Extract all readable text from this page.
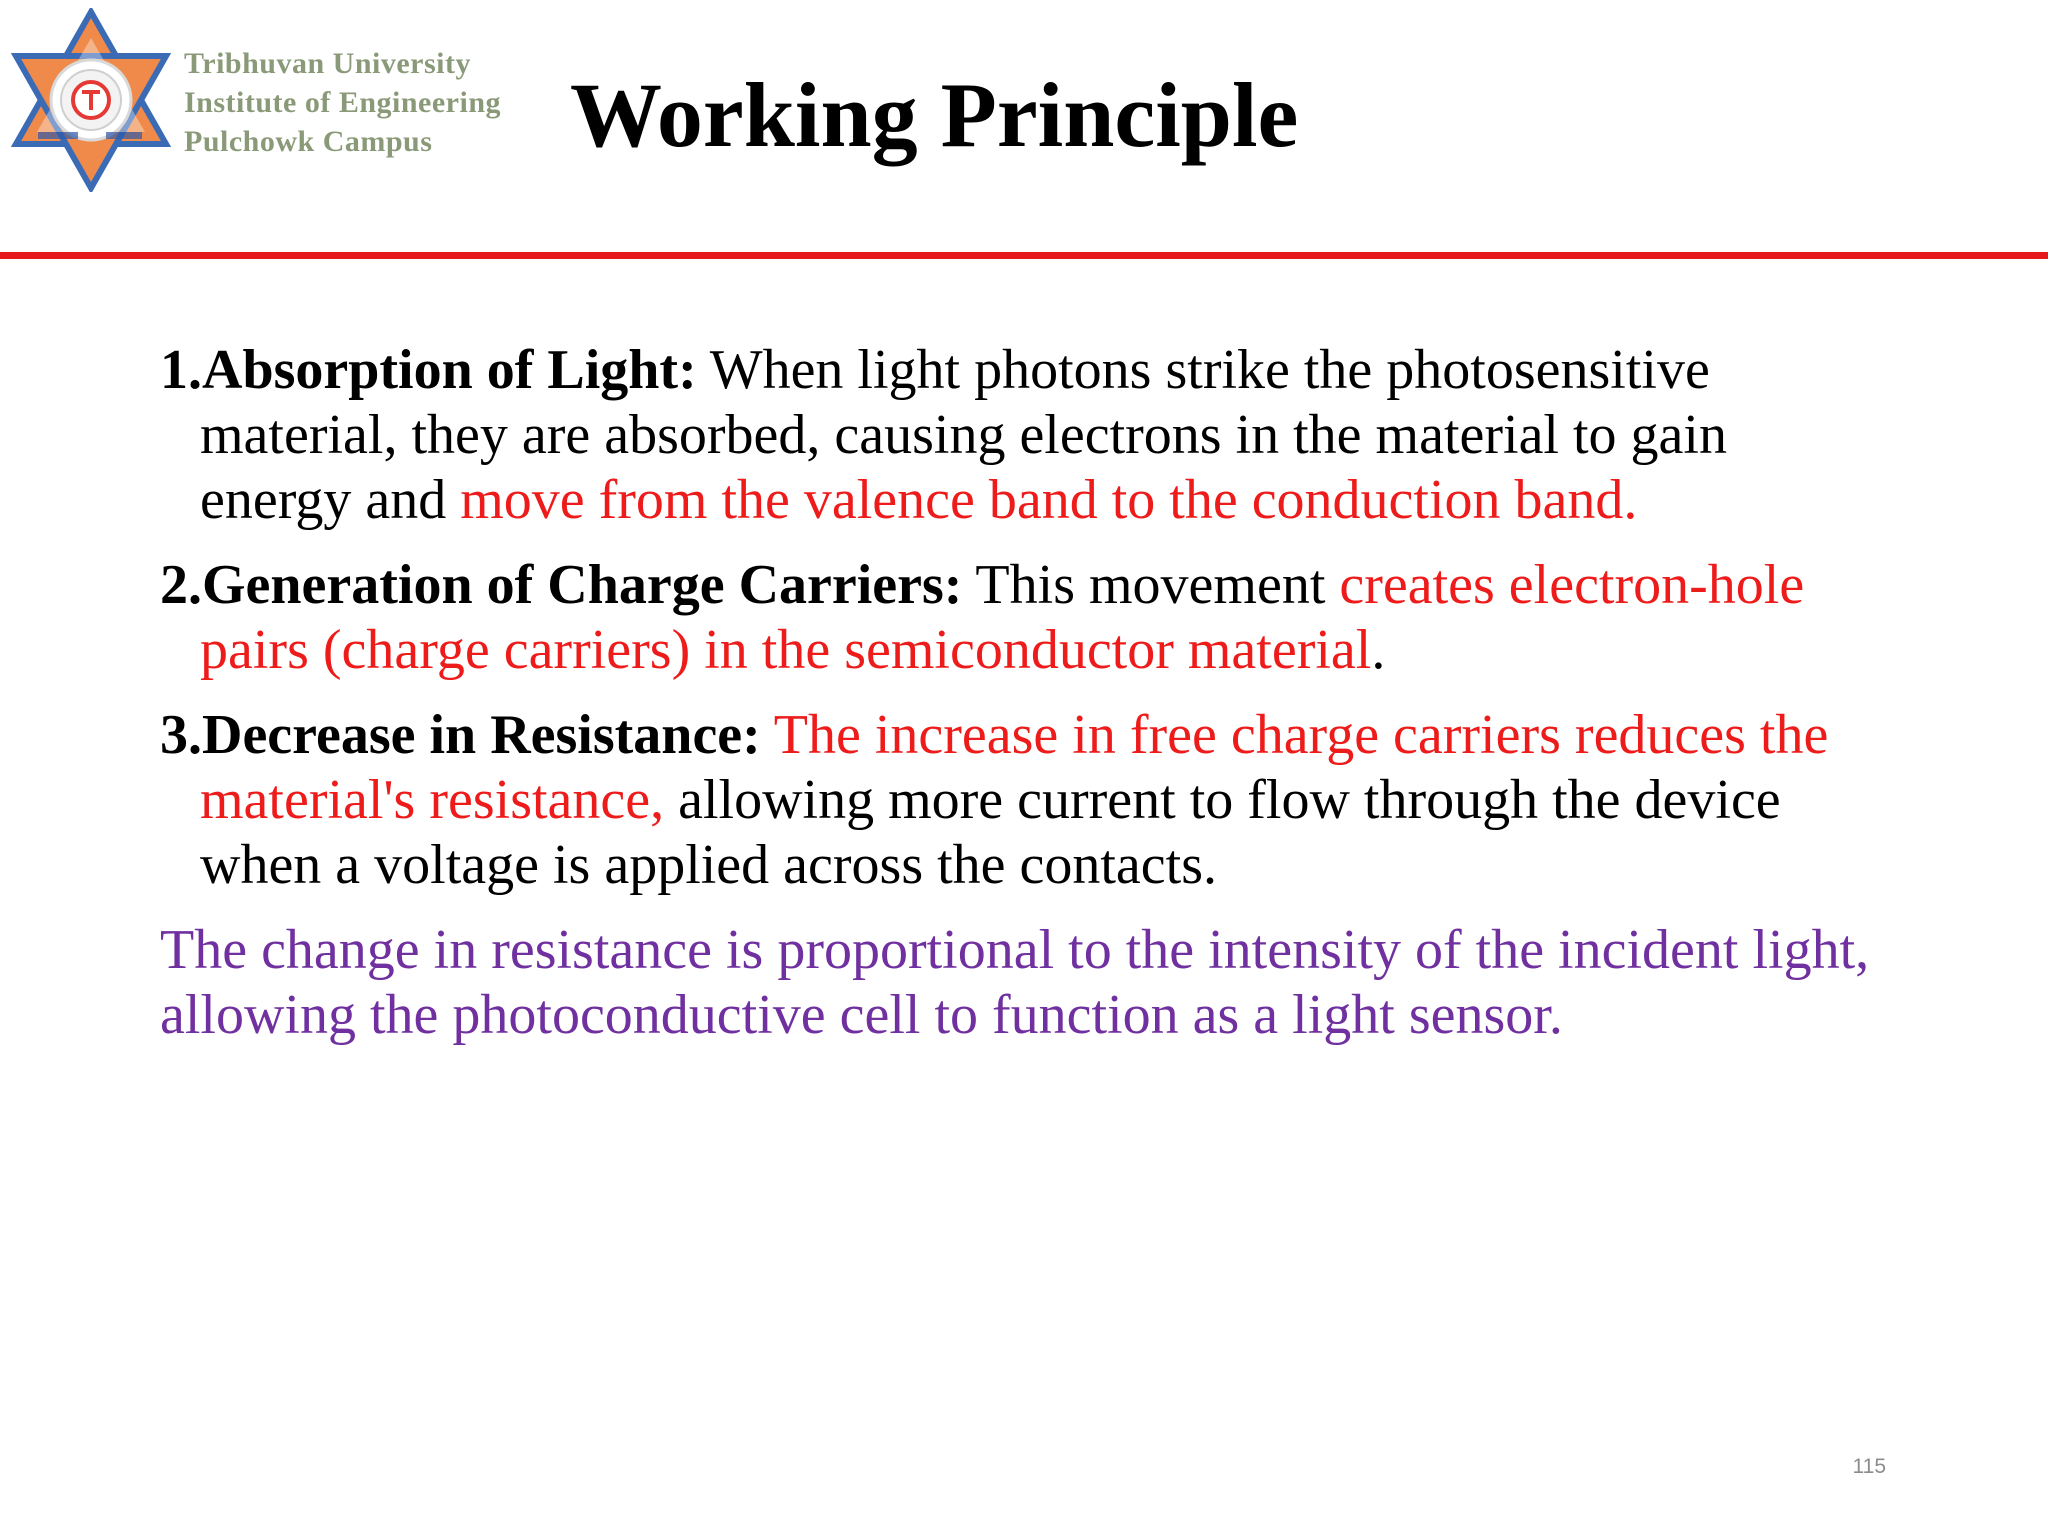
Tribhuvan University
Institute of Engineering
Pulchowk Campus	Working Principle

1.Absorption of Light: When light photons strike the photosensitive material, they are absorbed, causing electrons in the material to gain energy and move from the valence band to the conduction band.

2.Generation of Charge Carriers: This movement creates electron-hole pairs (charge carriers) in the semiconductor material.

3.Decrease in Resistance: The increase in free charge carriers reduces the material's resistance, allowing more current to flow through the device when a voltage is applied across the contacts.

The change in resistance is proportional to the intensity of the incident light, allowing the photoconductive cell to function as a light sensor.

115
